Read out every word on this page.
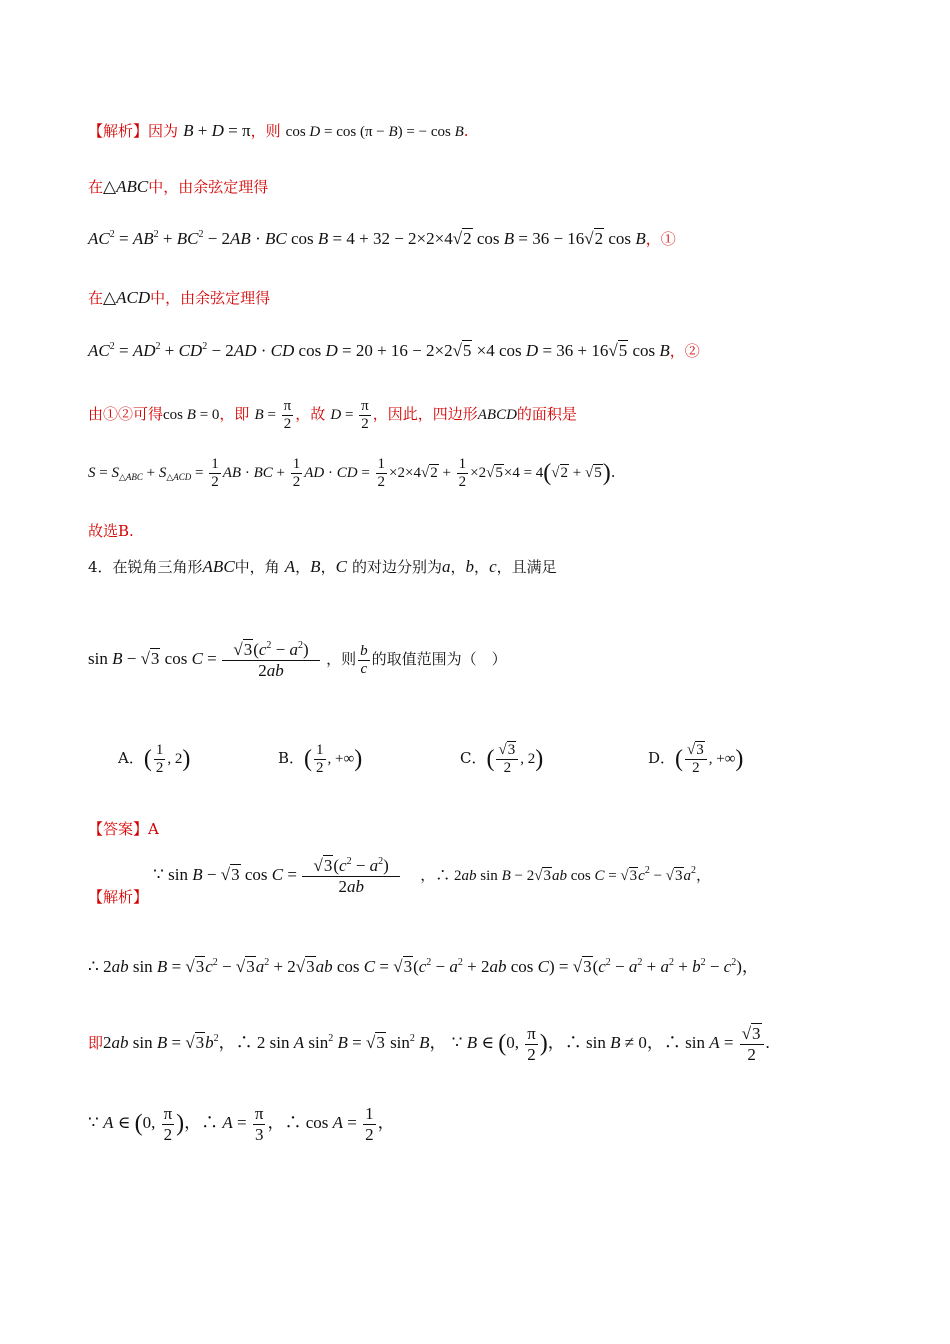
【解析】因为 B + D = π，则 cos D = cos (π − B) = − cos B.
在△ABC中，由余弦定理得
$AC^2 = AB^2 + BC^2 - 2AB$ · BC cos B = 4 + 32 − 2×2×4√2 cos B = 36 − 16√2 cos B，①
在△ACD中，由余弦定理得
$AC^2 = AD^2 + CD^2 - 2AD$ · CD cos D = 20 + 16 − 2×2√5 ×4 cos D = 36 + 16√5 cos B，②
由①②可得cos B = 0，即 $B = \frac{\pi}{2}$ ，故 $D = \frac{\pi}{2}$ ，因此，四边形ABCD的面积是
$S = S_{\triangle ABC} + S_{\triangle ACD} = \frac{1}{2}$ AB · BC + $\frac{1}{2}$ AD · CD = $\frac{1}{2} \times 2\times 4√2 + \frac{1}{2} \times 2√5\times 4 = 4(√2 + √5)$.
故选B.
4．在锐角三角形ABC中，角 A，B，C 的对边分别为a，b，c，且满足
sin B − √3 $\cos C = \frac{√3(c^2 - a^2)}{2ab}$ ，则 $\frac{b}{c}$ 的取值范围为（　）
A．( $\frac{1}{2}$ , 2)	B．( $\frac{1}{2}$ , +∞)	C．( $\frac{√3}{2}$ , 2)	D．( $\frac{√3}{2}$ , +∞)
【答案】A
【解析】 ∵ sin B − √3 $\cos C = \frac{√3(c^2 - a^2)}{2ab}$ ，∴ 2ab sin B − 2√3ab $\cos C = √3c^2 - √3a^2$，
∴ 2ab $\sin B = √3c^2 - √3a^2 + 2√3ab$ $\cos C = √3(c^2 - a^2 + 2ab$ $\cos C) = √3(c^2 - a^2 + a^2 + b^2 - c^2)$，
即2ab $\sin B = √3b^2$，∴ 2 sin A $\sin^2 B = √3$ $\sin^2 B$， ∵ B ∈ (0, $\frac{\pi}{2}$ )，∴ sin B ≠ 0，∴ $\sin A = \frac{√3}{2}$ .
∵ A ∈ (0, $\frac{\pi}{2}$ )，∴ $A = \frac{\pi}{3}$ ，∴ $\cos A = \frac{1}{2}$ ，
